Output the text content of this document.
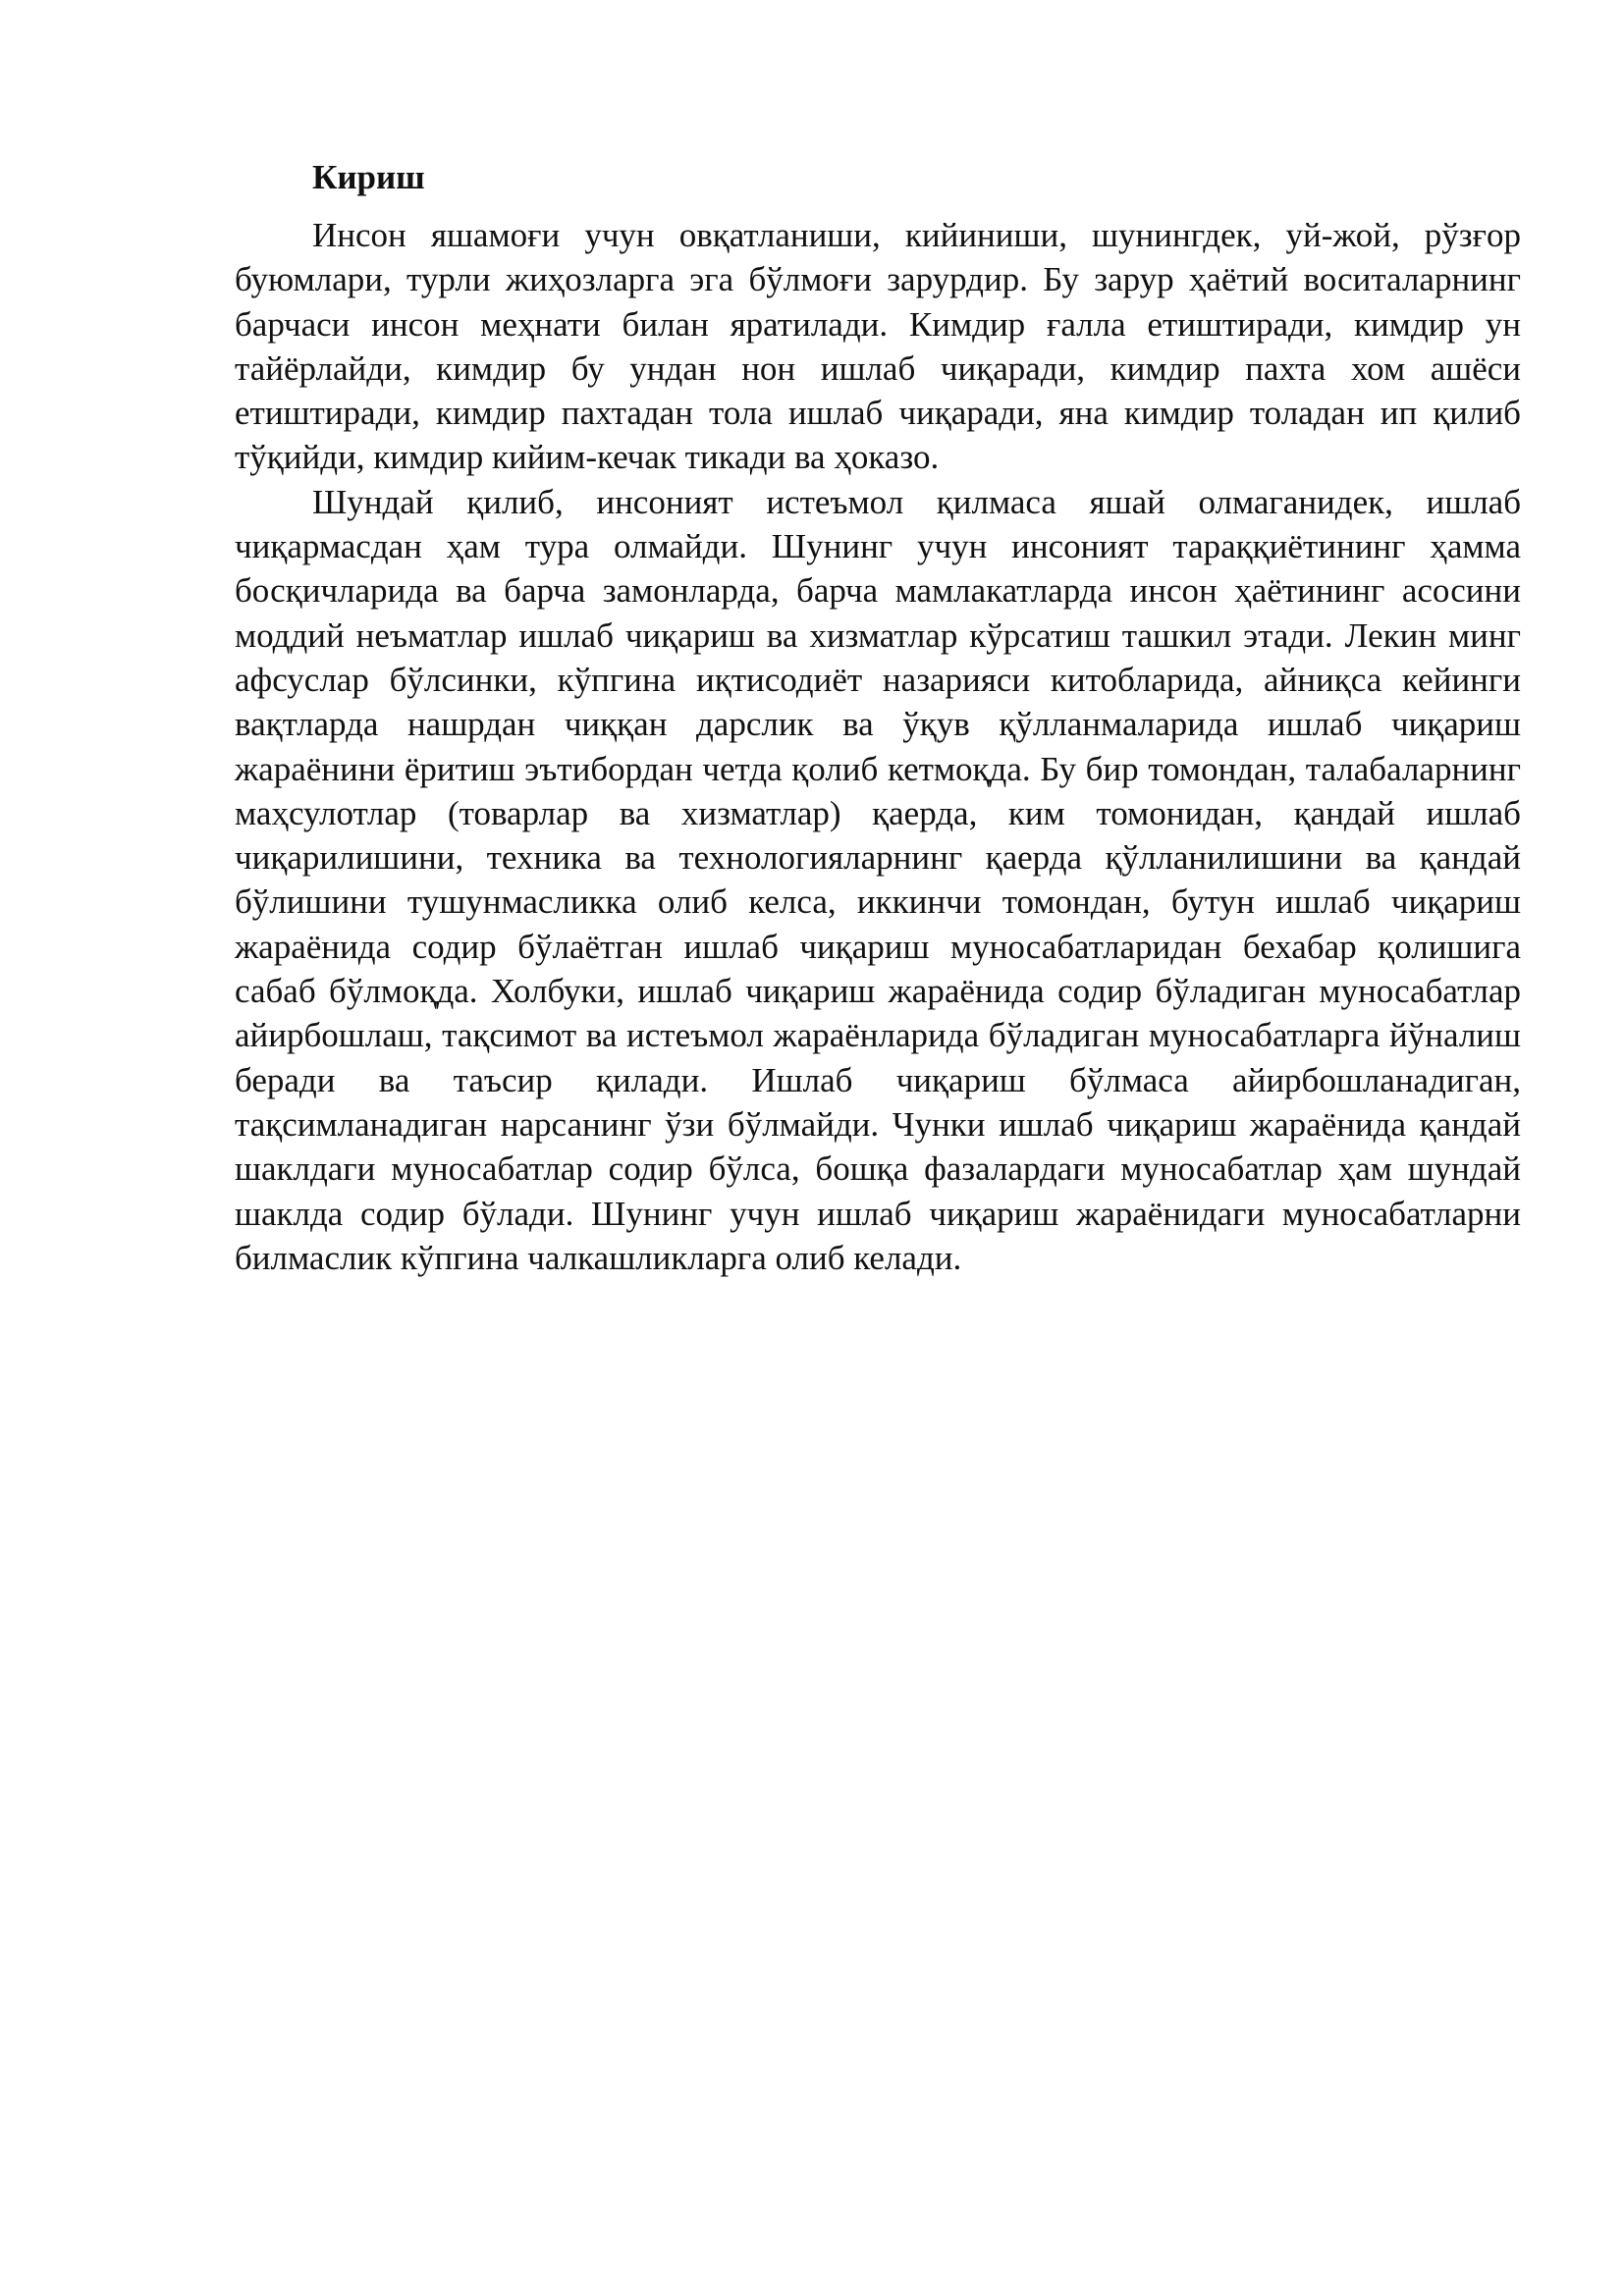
Кириш

Инсон яшамоғи учун овқатланиши, кийиниши, шунингдек, уй-жой, рўзғор буюмлари, турли жиҳозларга эга бўлмоғи зарурдир. Бу зарур ҳаётий воситаларнинг барчаси инсон меҳнати билан яратилади. Кимдир ғалла етиштиради, кимдир ун тайёрлайди, кимдир бу ундан нон ишлаб чиқаради, кимдир пахта хом ашёси етиштиради, кимдир пахтадан тола ишлаб чиқаради, яна кимдир толадан ип қилиб тўқийди, кимдир кийим-кечак тикади ва ҳоказо.

Шундай қилиб, инсоният истеъмол қилмаса яшай олмаганидек, ишлаб чиқармасдан ҳам тура олмайди. Шунинг учун инсоният тараққиётининг ҳамма босқичларида ва барча замонларда, барча мамлакатларда инсон ҳаётининг асосини моддий неъматлар ишлаб чиқариш ва хизматлар кўрсатиш ташкил этади. Лекин минг афсуслар бўлсинки, кўпгина иқтисодиёт назарияси китобларида, айниқса кейинги вақтларда нашрдан чиққан дарслик ва ўқув қўлланмаларида ишлаб чиқариш жараёнини ёритиш эътибордан четда қолиб кетмоқда. Бу бир томондан, талабаларнинг маҳсулотлар (товарлар ва хизматлар) қаерда, ким томонидан, қандай ишлаб чиқарилишини, техника ва технологияларнинг қаерда қўлланилишини ва қандай бўлишини тушунмасликка олиб келса, иккинчи томондан, бутун ишлаб чиқариш жараёнида содир бўлаётган ишлаб чиқариш муносабатларидан бехабар қолишига сабаб бўлмоқда. Холбуки, ишлаб чиқариш жараёнида содир бўладиган муносабатлар айирбошлаш, тақсимот ва истеъмол жараёнларида бўладиган муносабатларга йўналиш беради ва таъсир қилади. Ишлаб чиқариш бўлмаса айирбошланадиган, тақсимланадиган нарсанинг ўзи бўлмайди. Чунки ишлаб чиқариш жараёнида қандай шаклдаги муносабатлар содир бўлса, бошқа фазалардаги муносабатлар ҳам шундай шаклда содир бўлади. Шунинг учун ишлаб чиқариш жараёнидаги муносабатларни билмаслик кўпгина чалкашликларга олиб келади.
